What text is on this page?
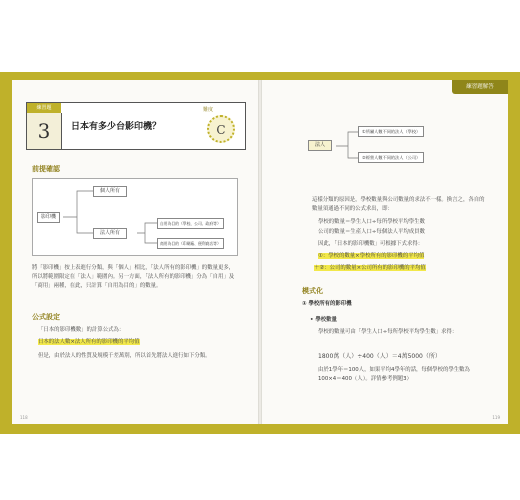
練習題
3	日本有多少台影印機？
難度
C
前提確認
影印機
個人所有
法人所有
自用為目的（學校、公司、政府等）
商用為目的（印刷廠、便利商店等）
將「影印機」按上表進行分類，與「個人」相比，「法人所有的影印機」的數量更多，所以將範圍限定在「法人」範圍內。另一方面，「法人所有的影印機」分為「自用」及「商用」兩種，在此，只計算「自用為目的」的數量。
公式設定
「日本的影印機數」的計算公式為：
日本的法人數×法人所有的影印機的平均值
但是，由於法人的性質及規模千差萬別，所以首先將法人進行如下分類。
118
練習題解答
法人
①所屬人數不同的法人（學校）
②經營人數不同的法人（公司）
這樣分類的原因是，學校數量與公司數量的求法不一樣。換言之，各自的數量須通過不同的公式求出，即：
學校的數量＝學生人口÷每所學校平均學生數
公司的數量＝生產人口÷每個法人平均成員數
因此，「日本的影印機數」可根據下式求得：
①：學校的數量×學校所有的影印機的平均值
＋②：公司的數量×公司所有的影印機的平均值
模式化
① 學校所有的影印機
• 學校數量
學校的數量可由「學生人口÷每所學校平均學生數」求得：
1800萬（人）÷400（人）＝4萬5000（所）
由於1學年＝100人，如果平均4學年的話，每個學校的學生數為100×4＝400（人）。詳情參考例題3）
119
